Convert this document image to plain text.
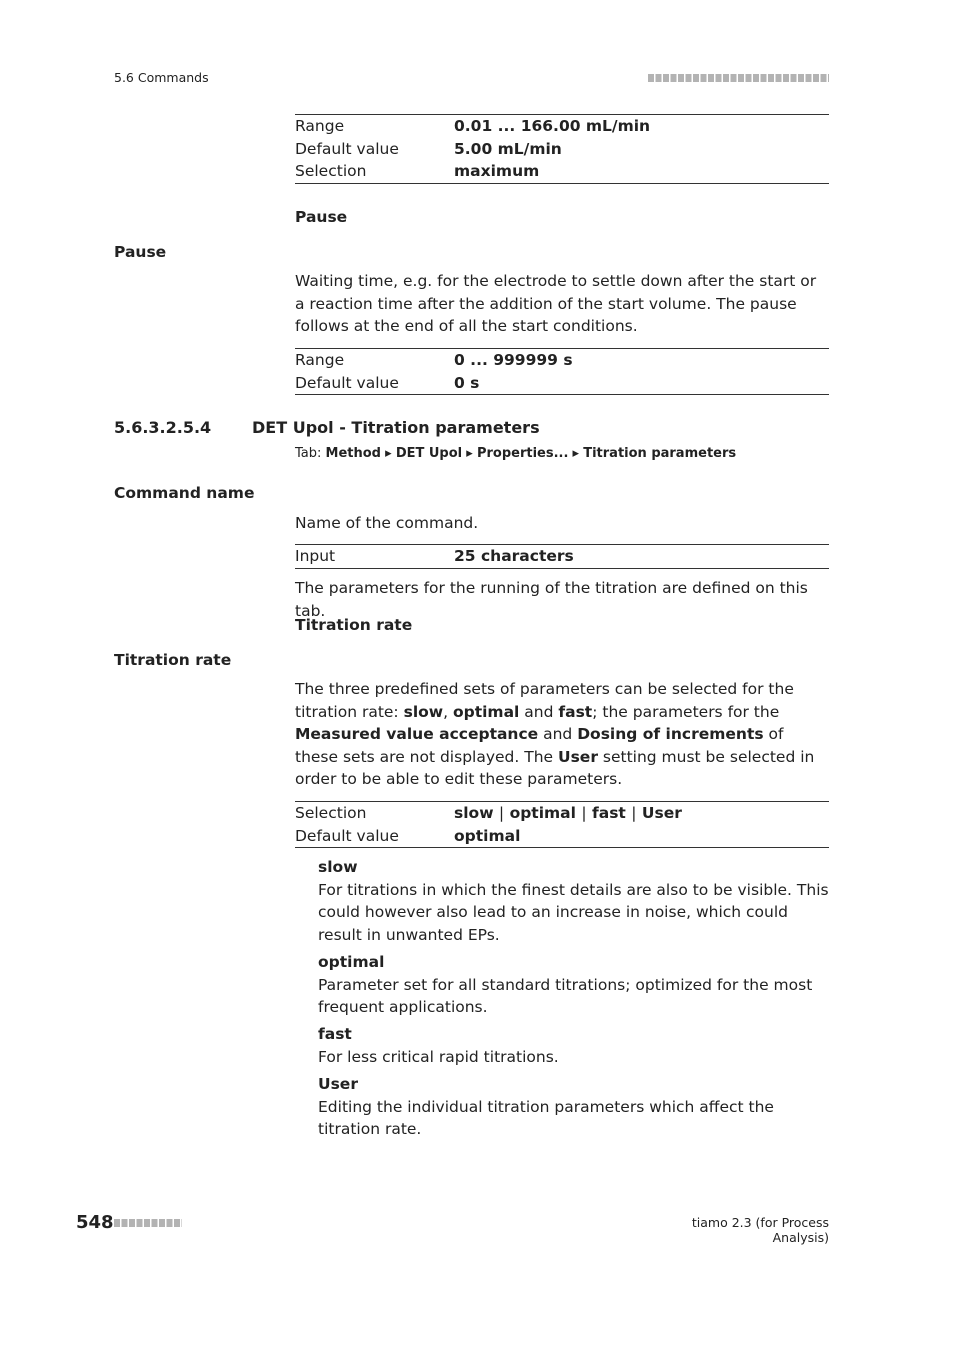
5.6 Commands
Range	0.01 ... 166.00 mL/min
Default value	5.00 mL/min
Selection	maximum
Pause
Pause
Waiting time, e.g. for the electrode to settle down after the start or a reaction time after the addition of the start volume. The pause follows at the end of all the start conditions.
Range	0 ... 999999 s
Default value	0 s
5.6.3.2.5.4	DET Upol - Titration parameters
Tab: Method ▸ DET Upol ▸ Properties... ▸ Titration parameters
Command name
Name of the command.
Input	25 characters
The parameters for the running of the titration are defined on this tab.
Titration rate
Titration rate
The three predefined sets of parameters can be selected for the titration rate: slow, optimal and fast; the parameters for the Measured value acceptance and Dosing of increments of these sets are not displayed. The User setting must be selected in order to be able to edit these parameters.
Selection	slow | optimal | fast | User
Default value	optimal
slow
For titrations in which the finest details are also to be visible. This could however also lead to an increase in noise, which could result in unwanted EPs.
optimal
Parameter set for all standard titrations; optimized for the most frequent applications.
fast
For less critical rapid titrations.
User
Editing the individual titration parameters which affect the titration rate.
548	tiamo 2.3 (for Process Analysis)
